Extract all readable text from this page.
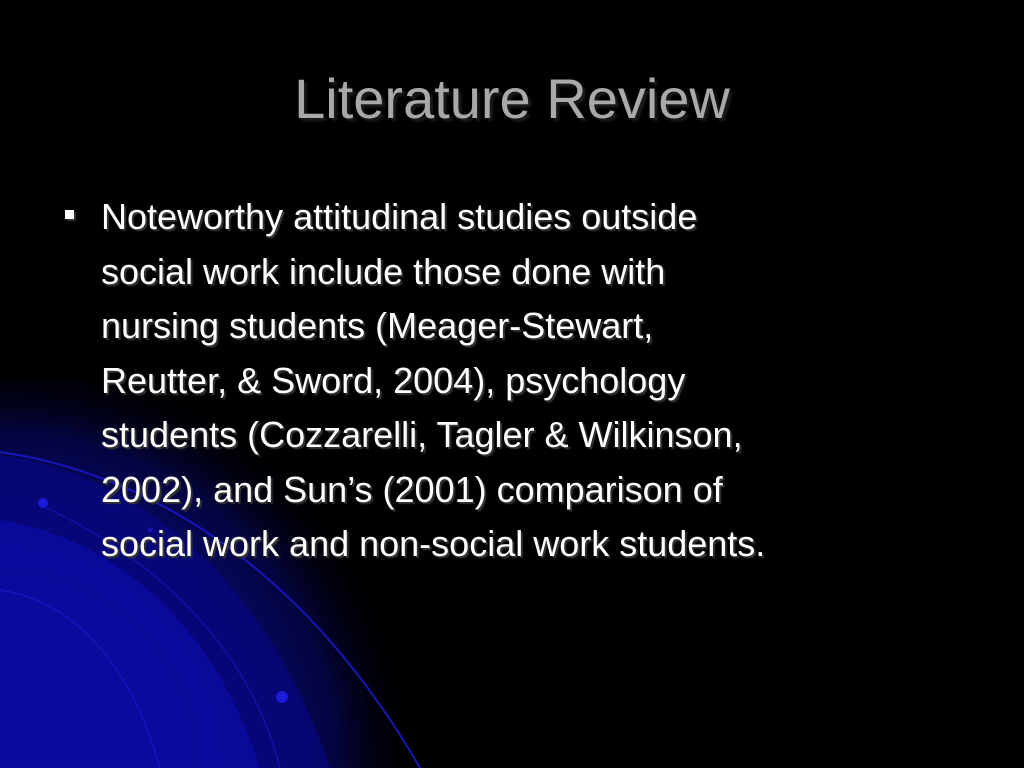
Literature Review
Noteworthy attitudinal studies outside
social work include those done with
nursing students (Meager-Stewart,
Reutter, & Sword, 2004), psychology
students (Cozzarelli, Tagler & Wilkinson,
2002), and Sun’s (2001) comparison of
social work and non-social work students.
